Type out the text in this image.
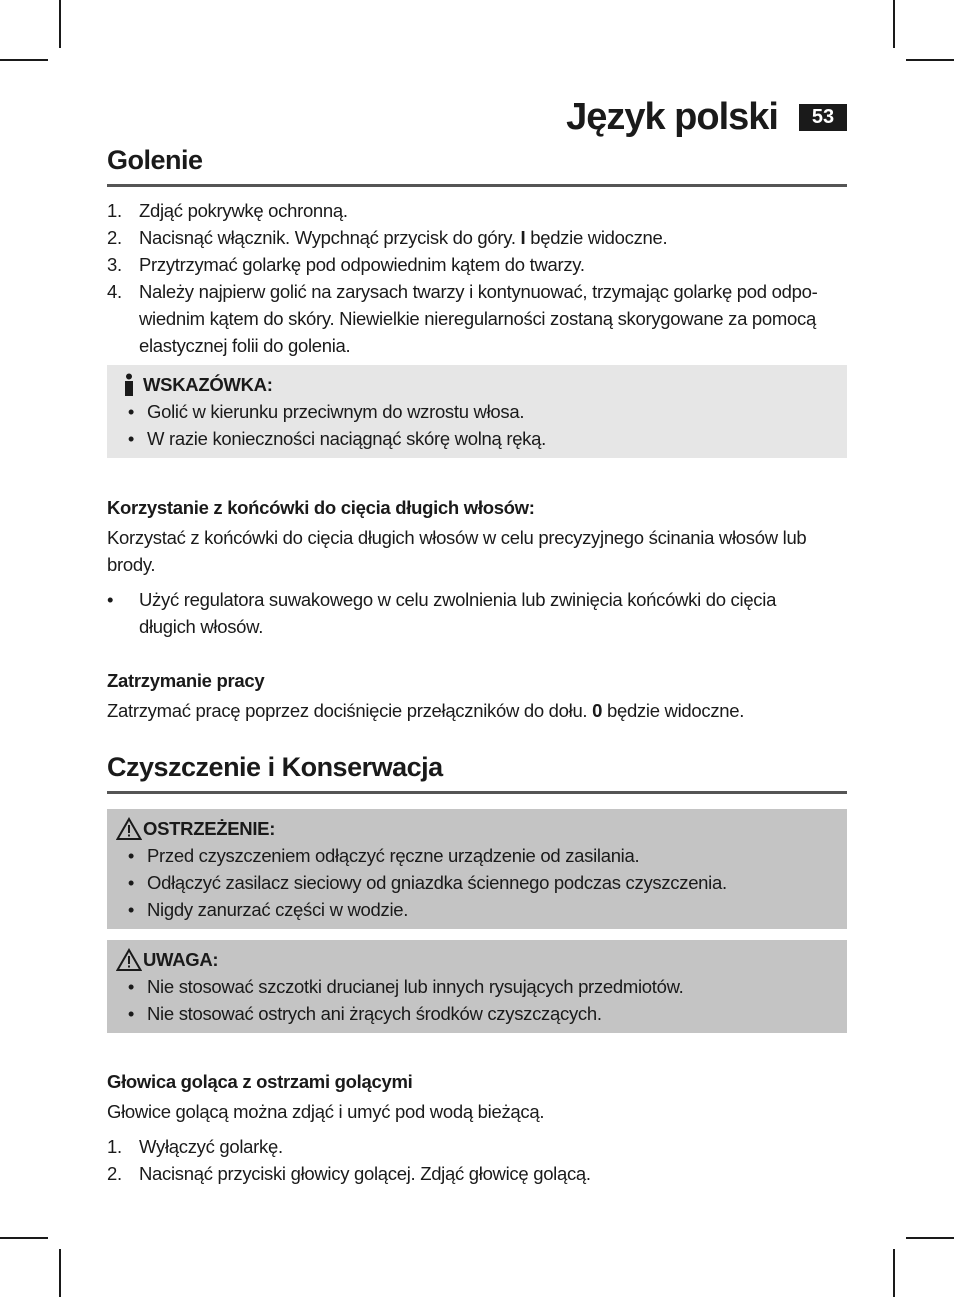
Język polski	53
Golenie
1. Zdjąć pokrywkę ochronną.
2. Nacisnąć włącznik. Wypchnąć przycisk do góry. I będzie widoczne.
3. Przytrzymać golarkę pod odpowiednim kątem do twarzy.
4. Należy najpierw golić na zarysach twarzy i kontynuować, trzymając golarkę pod odpo-
wiednim kątem do skóry. Niewielkie nieregularności zostaną skorygowane za pomocą
elastycznej folii do golenia.
WSKAZÓWKA:
• Golić w kierunku przeciwnym do wzrostu włosa.
• W razie konieczności naciągnąć skórę wolną ręką.

Korzystanie z końcówki do cięcia długich włosów:

Korzystać z końcówki do cięcia długich włosów w celu precyzyjnego ścinania włosów lub
brody.

•	Użyć regulatora suwakowego w celu zwolnienia lub zwinięcia końcówki do cięcia
długich włosów.

Zatrzymanie pracy

Zatrzymać pracę poprzez dociśnięcie przełączników do dołu. 0 będzie widoczne.

Czyszczenie i Konserwacja
OSTRZEŻENIE:
• Przed czyszczeniem odłączyć ręczne urządzenie od zasilania.
• Odłączyć zasilacz sieciowy od gniazdka ściennego podczas czyszczenia.
• Nigdy zanurzać części w wodzie.
UWAGA:
• Nie stosować szczotki drucianej lub innych rysujących przedmiotów.
• Nie stosować ostrych ani żrących środków czyszczących.

Głowica goląca z ostrzami golącymi

Głowice golącą można zdjąć i umyć pod wodą bieżącą.

1. Wyłączyć golarkę.
2. Nacisnąć przyciski głowicy golącej. Zdjąć głowicę golącą.
